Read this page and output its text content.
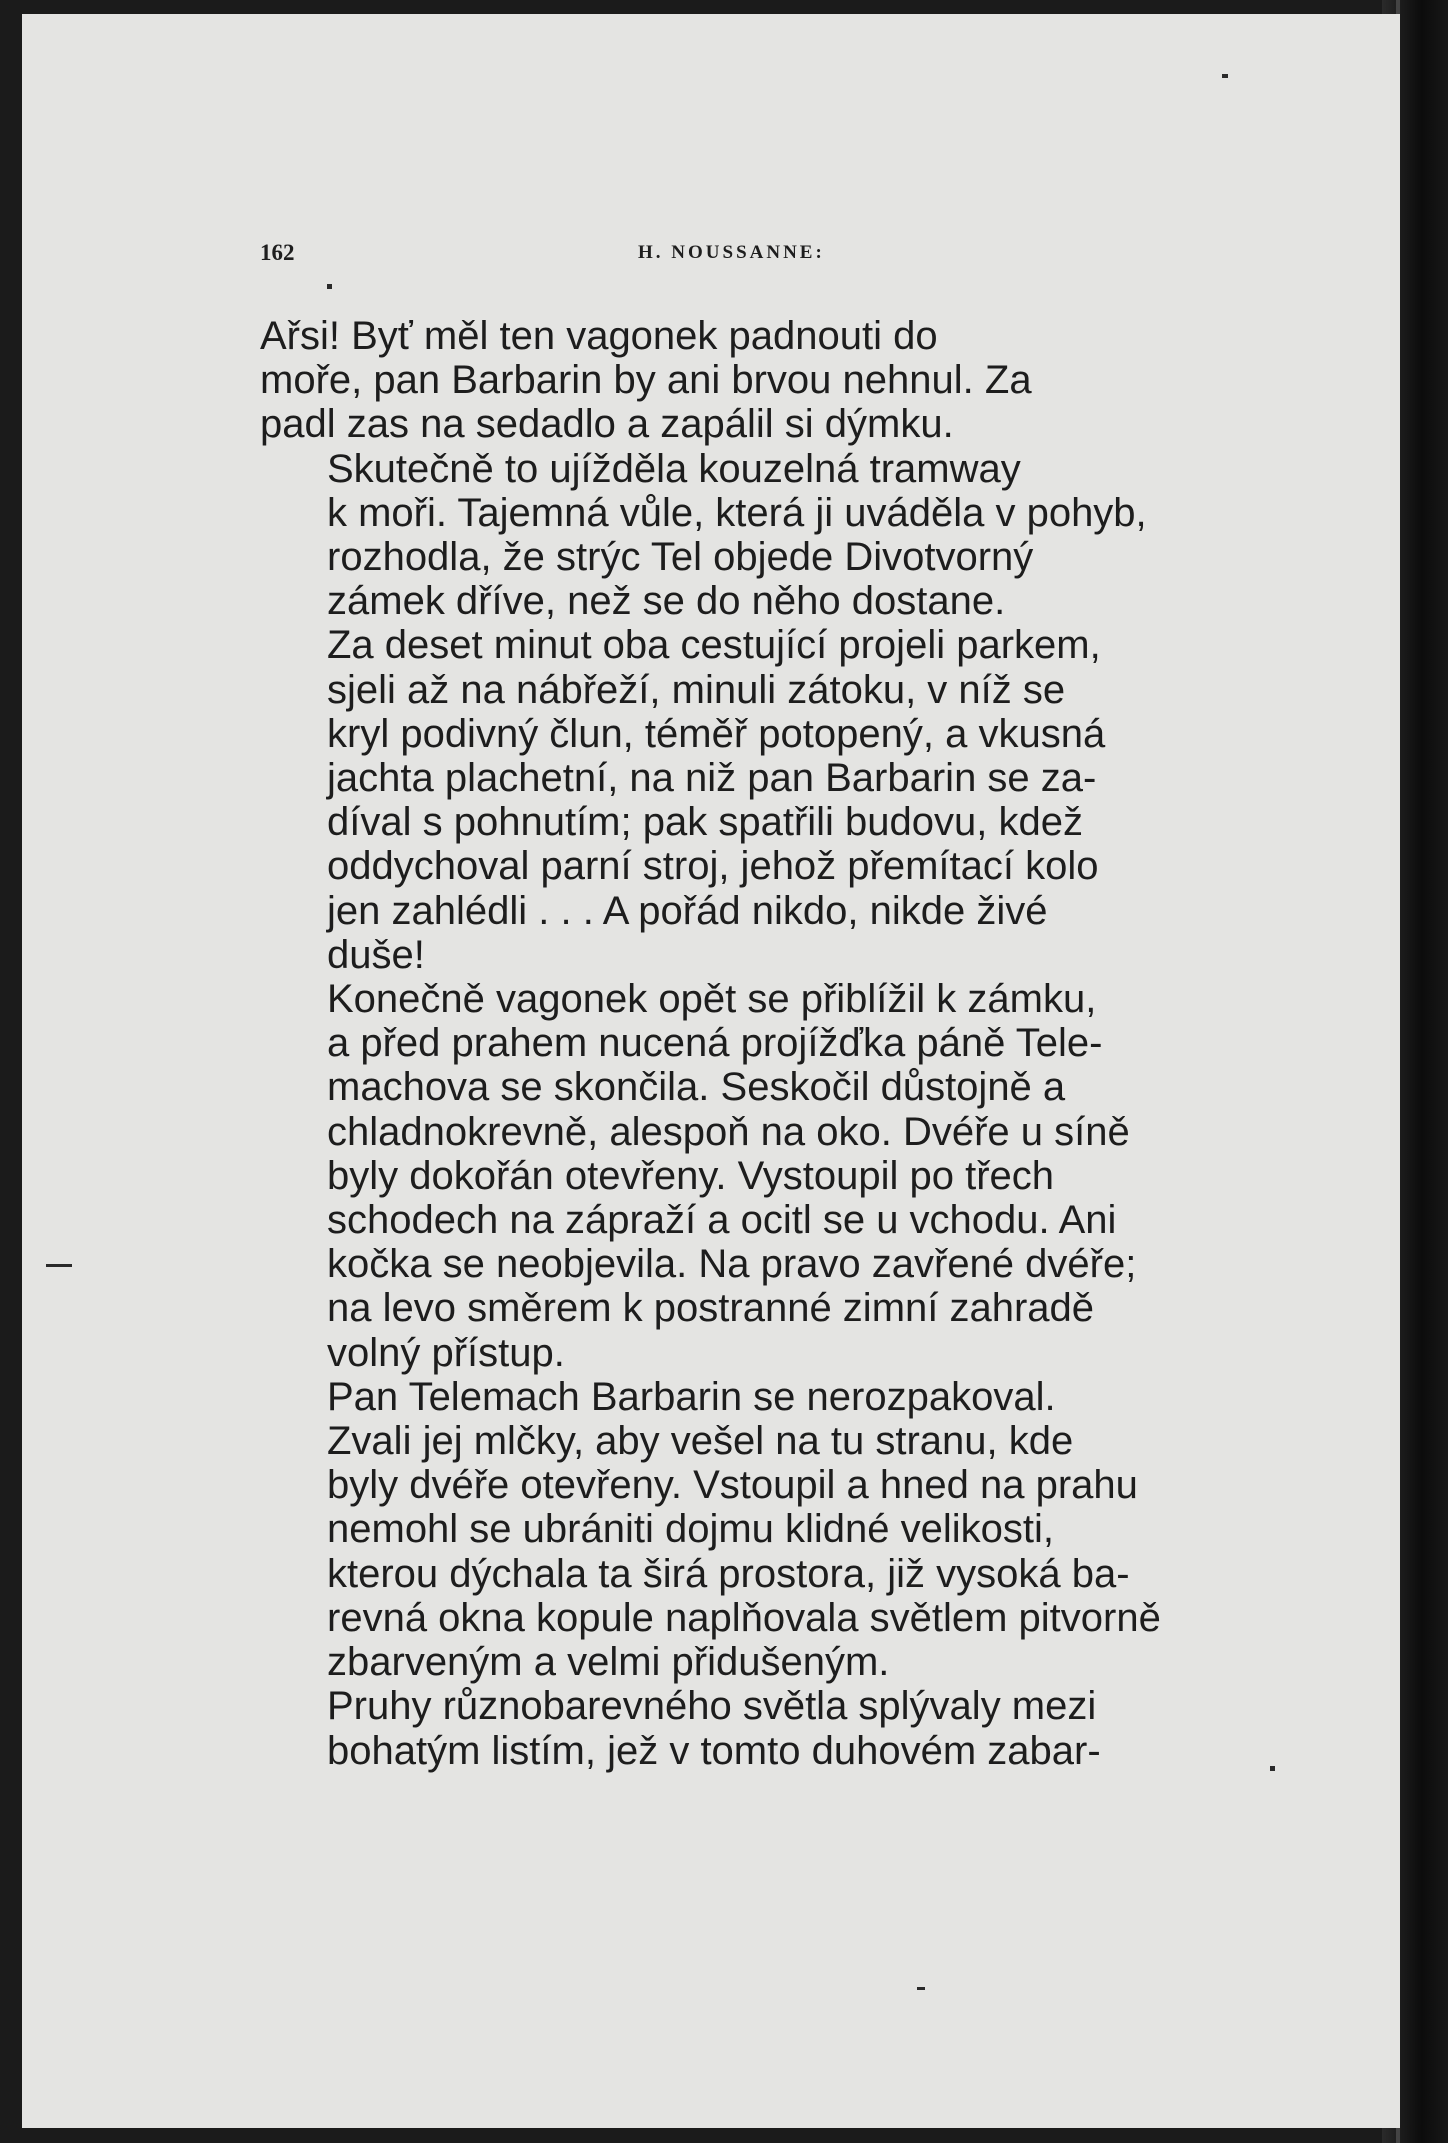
162	H. NOUSSANNE:

Ařsi! Byť měl ten vagonek padnouti do
moře, pan Barbarin by ani brvou nehnul. Za
padl zas na sedadlo a zapálil si dýmku.

Skutečně to ujížděla kouzelná tramway
k moři. Tajemná vůle, která ji uváděla v pohyb,
rozhodla, že strýc Tel objede Divotvorný
zámek dříve, než se do něho dostane.

Za deset minut oba cestující projeli parkem,
sjeli až na nábřeží, minuli zátoku, v níž se
kryl podivný člun, téměř potopený, a vkusná
jachta plachetní, na niž pan Barbarin se za-
díval s pohnutím; pak spatřili budovu, kdež
oddychoval parní stroj, jehož přemítací kolo
jen zahlédli . . . A pořád nikdo, nikde živé
duše!

Konečně vagonek opět se přiblížil k zámku,
a před prahem nucená projížďka páně Tele-
machova se skončila. Seskočil důstojně a
chladnokrevně, alespoň na oko. Dvéře u síně
byly dokořán otevřeny. Vystoupil po třech
schodech na zápraží a ocitl se u vchodu. Ani
kočka se neobjevila. Na pravo zavřené dvéře;
na levo směrem k postranné zimní zahradě
volný přístup.

Pan Telemach Barbarin se nerozpakoval.
Zvali jej mlčky, aby vešel na tu stranu, kde
byly dvéře otevřeny. Vstoupil a hned na prahu
nemohl se ubrániti dojmu klidné velikosti,
kterou dýchala ta širá prostora, již vysoká ba-
revná okna kopule naplňovala světlem pitvorně
zbarveným a velmi přidušeným.

Pruhy různobarevného světla splývaly mezi
bohatým listím, jež v tomto duhovém zabar-
